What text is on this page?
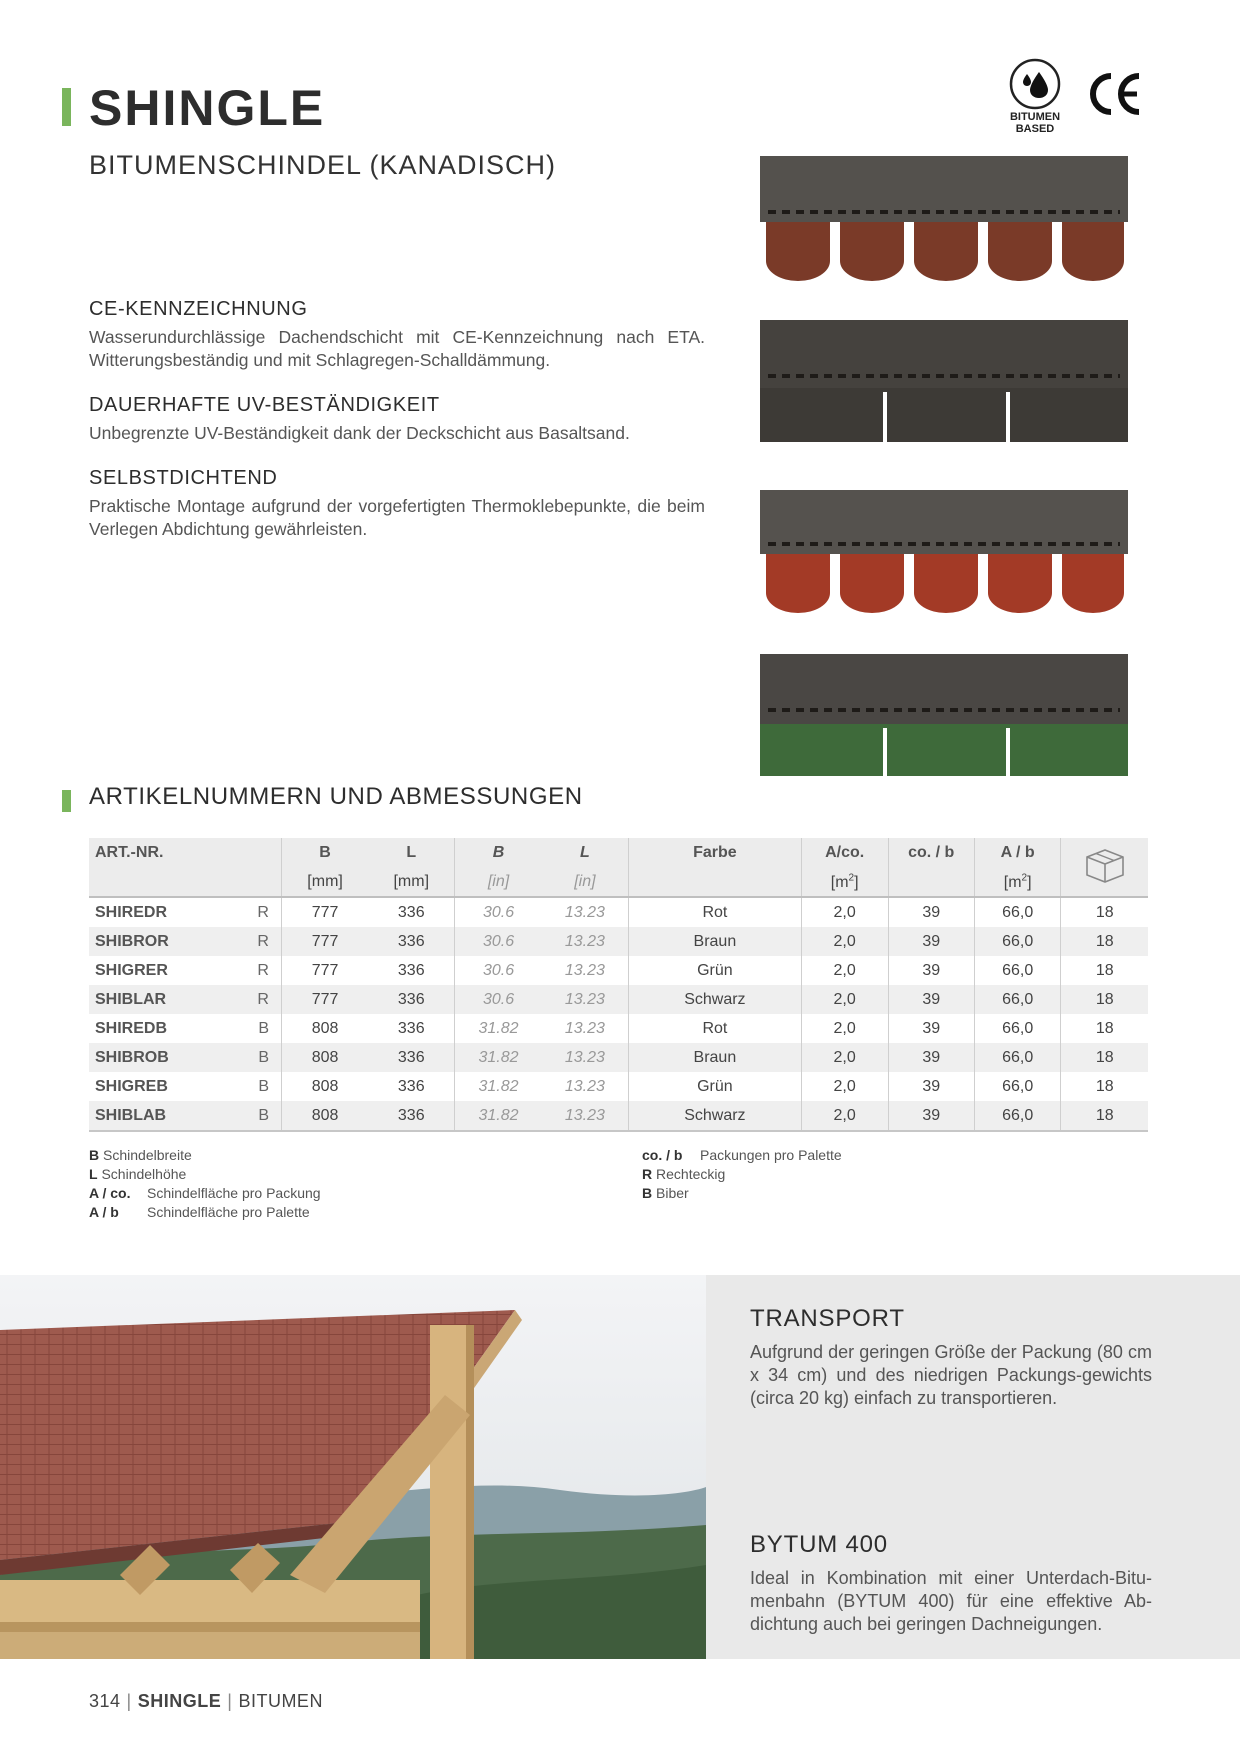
SHINGLE
BITUMENSCHINDEL (KANADISCH)
BITUMEN
BASED
CE-KENNZEICHNUNG
Wasserundurchlässige Dachendschicht mit CE-Kennzeichnung nach ETA. Witterungsbeständig und mit Schlagregen-Schalldämmung.
DAUERHAFTE UV-BESTÄNDIGKEIT
Unbegrenzte UV-Beständigkeit dank der Deckschicht aus Basaltsand.
SELBSTDICHTEND
Praktische Montage aufgrund der vorgefertigten Thermoklebepunkte, die beim Verlegen Abdichtung gewährleisten.
ARTIKELNUMMERN UND ABMESSUNGEN
ART.-NR.		B	L	B	L	Farbe	A/co.	co. / b	A / b	
		[mm]	[mm]	[in]	[in]		$[m^2]$		$[m^2]$	
SHIREDR	R	777	336	30.6	13.23	Rot	2,0	39	66,0	18
SHIBROR	R	777	336	30.6	13.23	Braun	2,0	39	66,0	18
SHIGRER	R	777	336	30.6	13.23	Grün	2,0	39	66,0	18
SHIBLAR	R	777	336	30.6	13.23	Schwarz	2,0	39	66,0	18
SHIREDB	B	808	336	31.82	13.23	Rot	2,0	39	66,0	18
SHIBROB	B	808	336	31.82	13.23	Braun	2,0	39	66,0	18
SHIGREB	B	808	336	31.82	13.23	Grün	2,0	39	66,0	18
SHIBLAB	B	808	336	31.82	13.23	Schwarz	2,0	39	66,0	18
B Schindelbreite
L Schindelhöhe
A / co. Schindelfläche pro Packung
A / b Schindelfläche pro Palette
co. / b Packungen pro Palette
R Rechteckig
B Biber
TRANSPORT
Aufgrund der geringen Größe der Packung (80 cm x 34 cm) und des niedrigen Packungs-gewichts (circa 20 kg) einfach zu transportieren.
BYTUM 400
Ideal in Kombination mit einer Unterdach-Bitu-menbahn (BYTUM 400) für eine effektive Ab-dichtung auch bei geringen Dachneigungen.
314 | SHINGLE | BITUMEN
